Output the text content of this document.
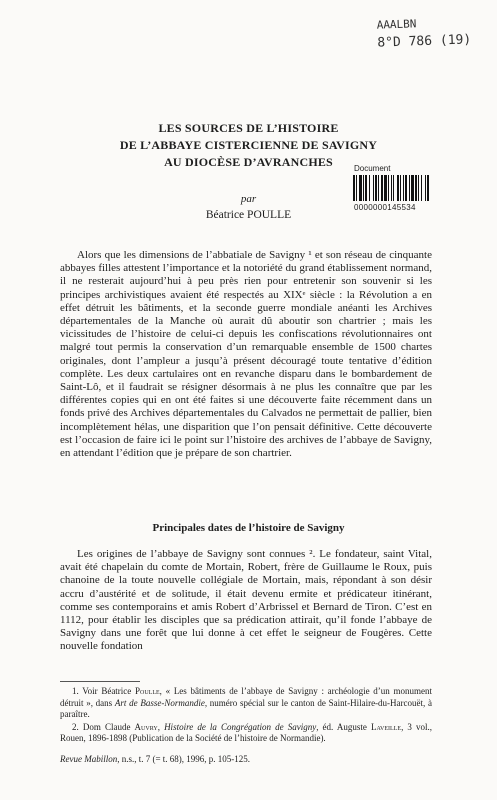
AAALBN
8°D 786 (19)
LES SOURCES DE L’HISTOIRE
DE L’ABBAYE CISTERCIENNE DE SAVIGNY
AU DIOCÈSE D’AVRANCHES	Document
0000000145534
par
Béatrice POULLE

Alors que les dimensions de l’abbatiale de Savigny ¹ et son réseau de cinquante abbayes filles attestent l’importance et la notoriété du grand établissement normand, il ne resterait aujourd’hui à peu près rien pour entretenir son souvenir si les principes archivistiques avaient été respectés au XIXᵉ siècle : la Révolution a en effet détruit les bâtiments, et la seconde guerre mondiale anéanti les Archives départementales de la Manche où aurait dû aboutir son chartrier ; mais les vicissitudes de l’histoire de celui-ci depuis les confiscations révolutionnaires ont malgré tout permis la conservation d’un remarquable ensemble de 1500 chartes originales, dont l’ampleur a jusqu’à présent découragé toute tentative d’édition complète. Les deux cartulaires ont en revanche disparu dans le bombardement de Saint-Lô, et il faudrait se résigner désormais à ne plus les connaître que par les différentes copies qui en ont été faites si une découverte faite récemment dans un fonds privé des Archives départementales du Calvados ne permettait de pallier, bien incomplètement hélas, une disparition que l’on pensait définitive. Cette découverte est l’occasion de faire ici le point sur l’histoire des archives de l’abbaye de Savigny, en attendant l’édition que je prépare de son chartrier.

Principales dates de l’histoire de Savigny

Les origines de l’abbaye de Savigny sont connues ². Le fondateur, saint Vital, avait été chapelain du comte de Mortain, Robert, frère de Guillaume le Roux, puis chanoine de la toute nouvelle collégiale de Mortain, mais, répondant à son désir accru d’austérité et de solitude, il était devenu ermite et prédicateur itinérant, comme ses contemporains et amis Robert d’Arbrissel et Bernard de Tiron. C’est en 1112, pour établir les disciples que sa prédication attirait, qu’il fonde l’abbaye de Savigny dans une forêt que lui donne à cet effet le seigneur de Fougères. Cette nouvelle fondation

1. Voir Béatrice Poulle, « Les bâtiments de l’abbaye de Savigny : archéologie d’un monument détruit », dans Art de Basse-Normandie, numéro spécial sur le canton de Saint-Hilaire-du-Harcouët, à paraître.

2. Dom Claude Auvry, Histoire de la Congrégation de Savigny, éd. Auguste Laveille, 3 vol., Rouen, 1896-1898 (Publication de la Société de l’histoire de Normandie).

Revue Mabillon, n.s., t. 7 (= t. 68), 1996, p. 105-125.
